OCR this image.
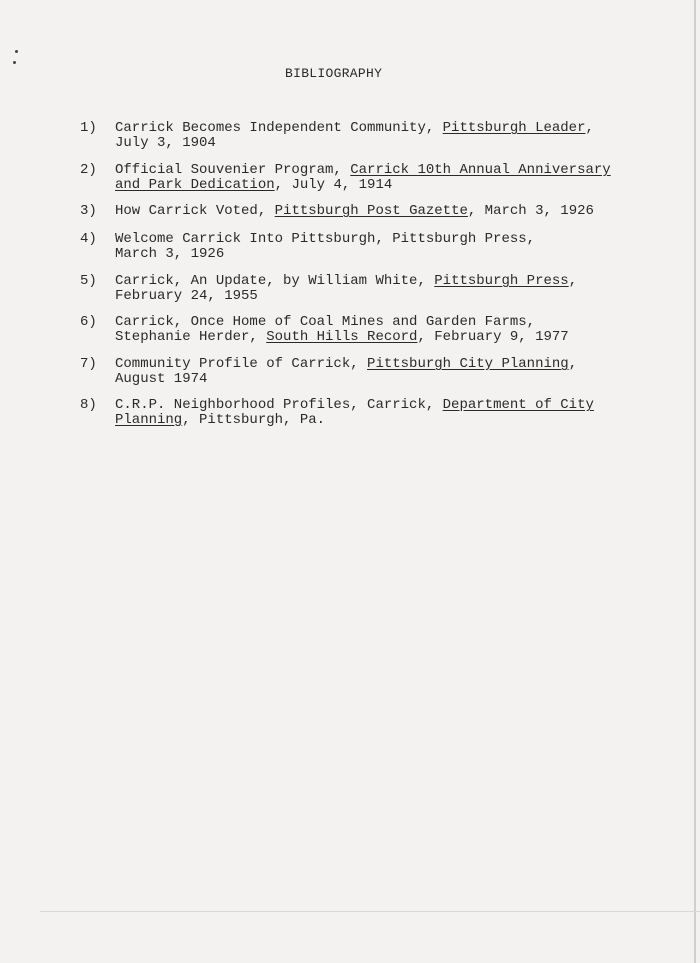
BIBLIOGRAPHY
1)	Carrick Becomes Independent Community, Pittsburgh Leader,
July 3, 1904
2)	Official Souvenier Program, Carrick 10th Annual Anniversary
and Park Dedication, July 4, 1914
3)	How Carrick Voted, Pittsburgh Post Gazette, March 3, 1926
4)	Welcome Carrick Into Pittsburgh, Pittsburgh Press,
March 3, 1926
5)	Carrick, An Update, by William White, Pittsburgh Press,
February 24, 1955
6)	Carrick, Once Home of Coal Mines and Garden Farms,
Stephanie Herder, South Hills Record, February 9, 1977
7)	Community Profile of Carrick, Pittsburgh City Planning,
August 1974
8)	C.R.P. Neighborhood Profiles, Carrick, Department of City
Planning, Pittsburgh, Pa.
